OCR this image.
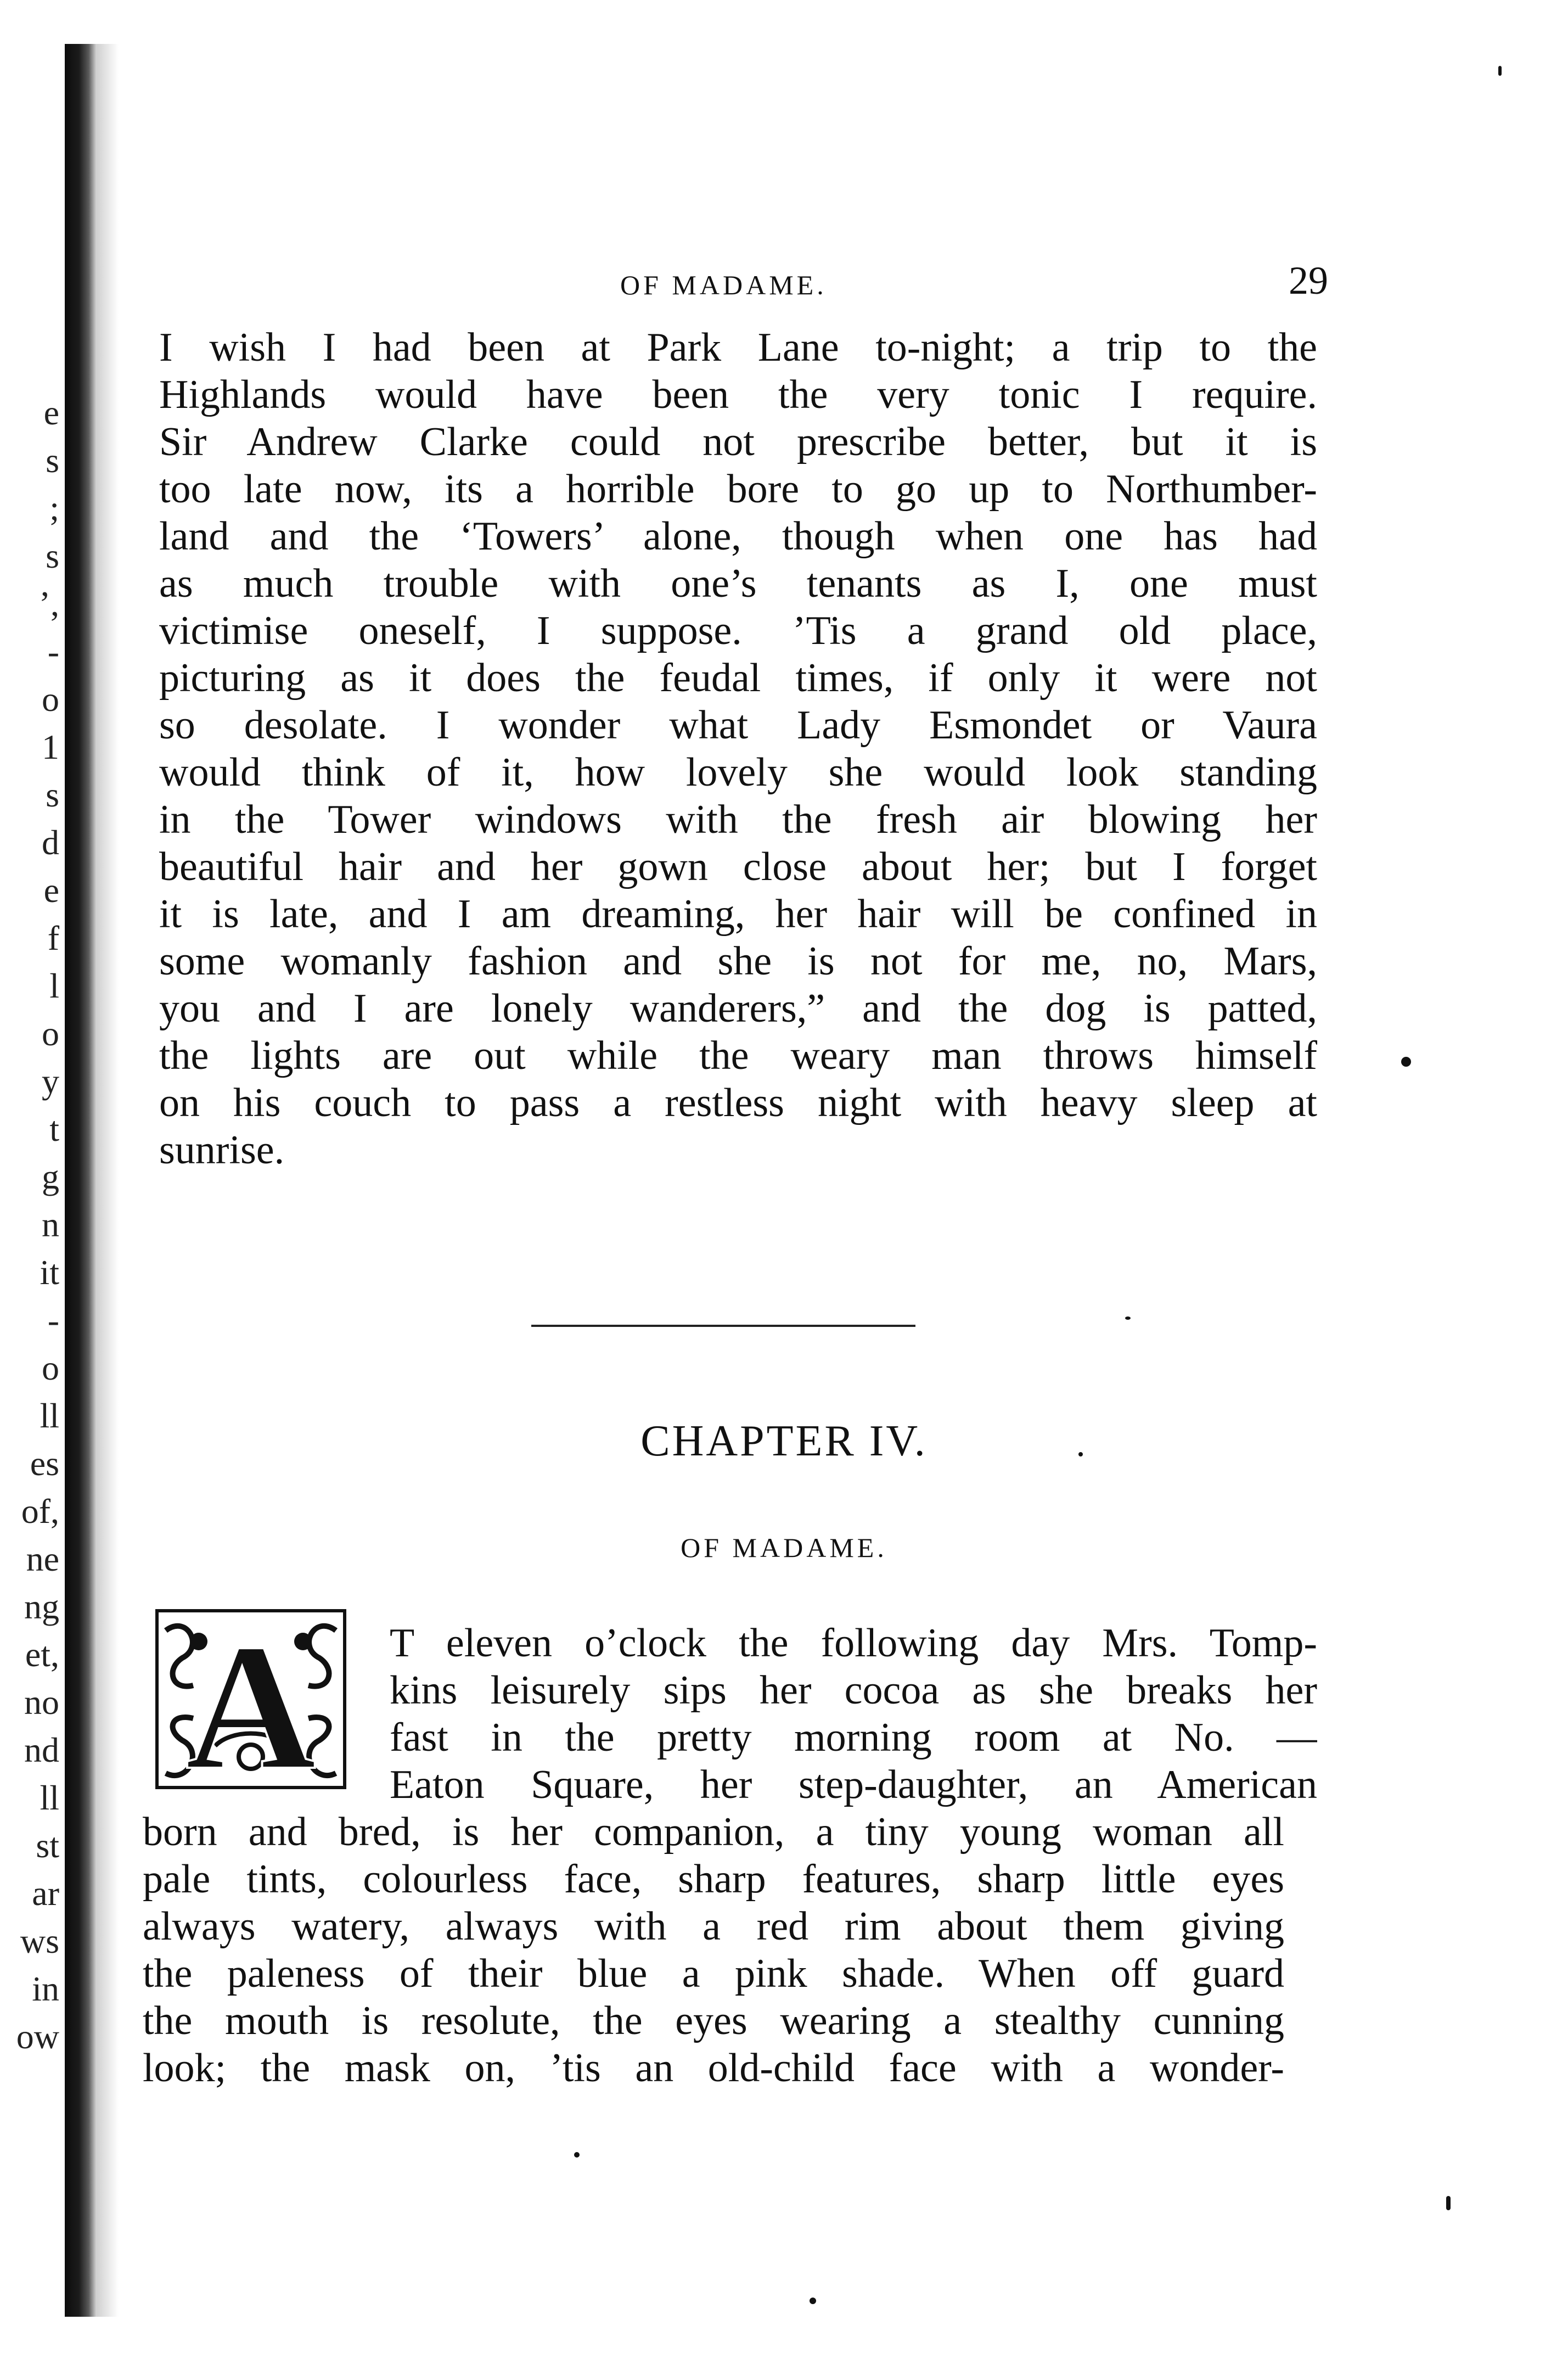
e
s
;
s
’,
-
o
1
s
d
e
f
l
o
y
t
g
n
it
-
o
ll
es
of,
ne
ng
et,
no
nd
ll
st
ar
ws
in
ow
OF MADAME.	29
I wish I had been at Park Lane to-night; a trip to the
Highlands would have been the very tonic I require.
Sir Andrew Clarke could not prescribe better, but it is
too late now, its a horrible bore to go up to Northumber-
land and the ‘Towers’ alone, though when one has had
as much trouble with one’s tenants as I, one must
victimise oneself, I suppose. ’Tis a grand old place,
picturing as it does the feudal times, if only it were not
so desolate. I wonder what Lady Esmondet or Vaura
would think of it, how lovely she would look standing
in the Tower windows with the fresh air blowing her
beautiful hair and her gown close about her; but I forget
it is late, and I am dreaming, her hair will be confined in
some womanly fashion and she is not for me, no, Mars,
you and I are lonely wanderers,” and the dog is patted,
the lights are out while the weary man throws himself
on his couch to pass a restless night with heavy sleep at
sunrise.
CHAPTER IV.
OF MADAME.
A	T eleven o’clock the following day Mrs. Tomp-
kins leisurely sips her cocoa as she breaks her
fast in the pretty morning room at No. —
Eaton Square, her step-daughter, an American
born and bred, is her companion, a tiny young woman all
pale tints, colourless face, sharp features, sharp little eyes
always watery, always with a red rim about them giving
the paleness of their blue a pink shade. When off guard
the mouth is resolute, the eyes wearing a stealthy cunning
look; the mask on, ’tis an old-child face with a wonder-
